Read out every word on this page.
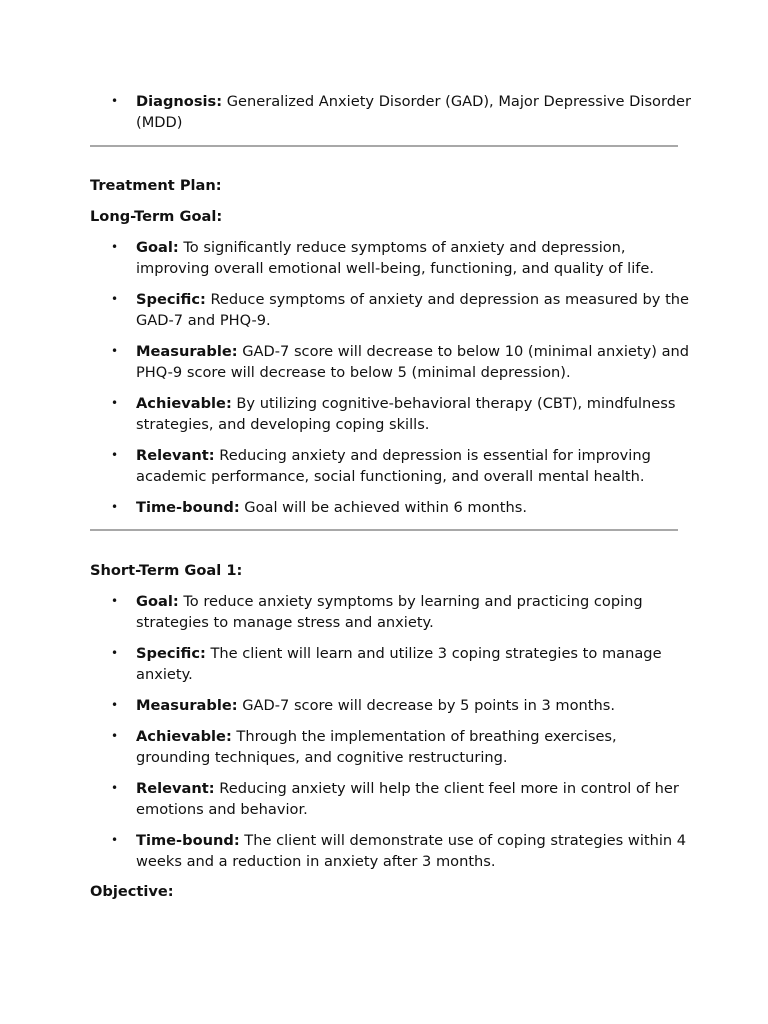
• Diagnosis: Generalized Anxiety Disorder (GAD), Major Depressive Disorder (MDD)
Treatment Plan:
Long-Term Goal:
• Goal: To significantly reduce symptoms of anxiety and depression, improving overall emotional well-being, functioning, and quality of life.
• Specific: Reduce symptoms of anxiety and depression as measured by the GAD-7 and PHQ-9.
• Measurable: GAD-7 score will decrease to below 10 (minimal anxiety) and PHQ-9 score will decrease to below 5 (minimal depression).
• Achievable: By utilizing cognitive-behavioral therapy (CBT), mindfulness strategies, and developing coping skills.
• Relevant: Reducing anxiety and depression is essential for improving academic performance, social functioning, and overall mental health.
• Time-bound: Goal will be achieved within 6 months.
Short-Term Goal 1:
• Goal: To reduce anxiety symptoms by learning and practicing coping strategies to manage stress and anxiety.
• Specific: The client will learn and utilize 3 coping strategies to manage anxiety.
• Measurable: GAD-7 score will decrease by 5 points in 3 months.
• Achievable: Through the implementation of breathing exercises, grounding techniques, and cognitive restructuring.
• Relevant: Reducing anxiety will help the client feel more in control of her emotions and behavior.
• Time-bound: The client will demonstrate use of coping strategies within 4 weeks and a reduction in anxiety after 3 months.
Objective:
